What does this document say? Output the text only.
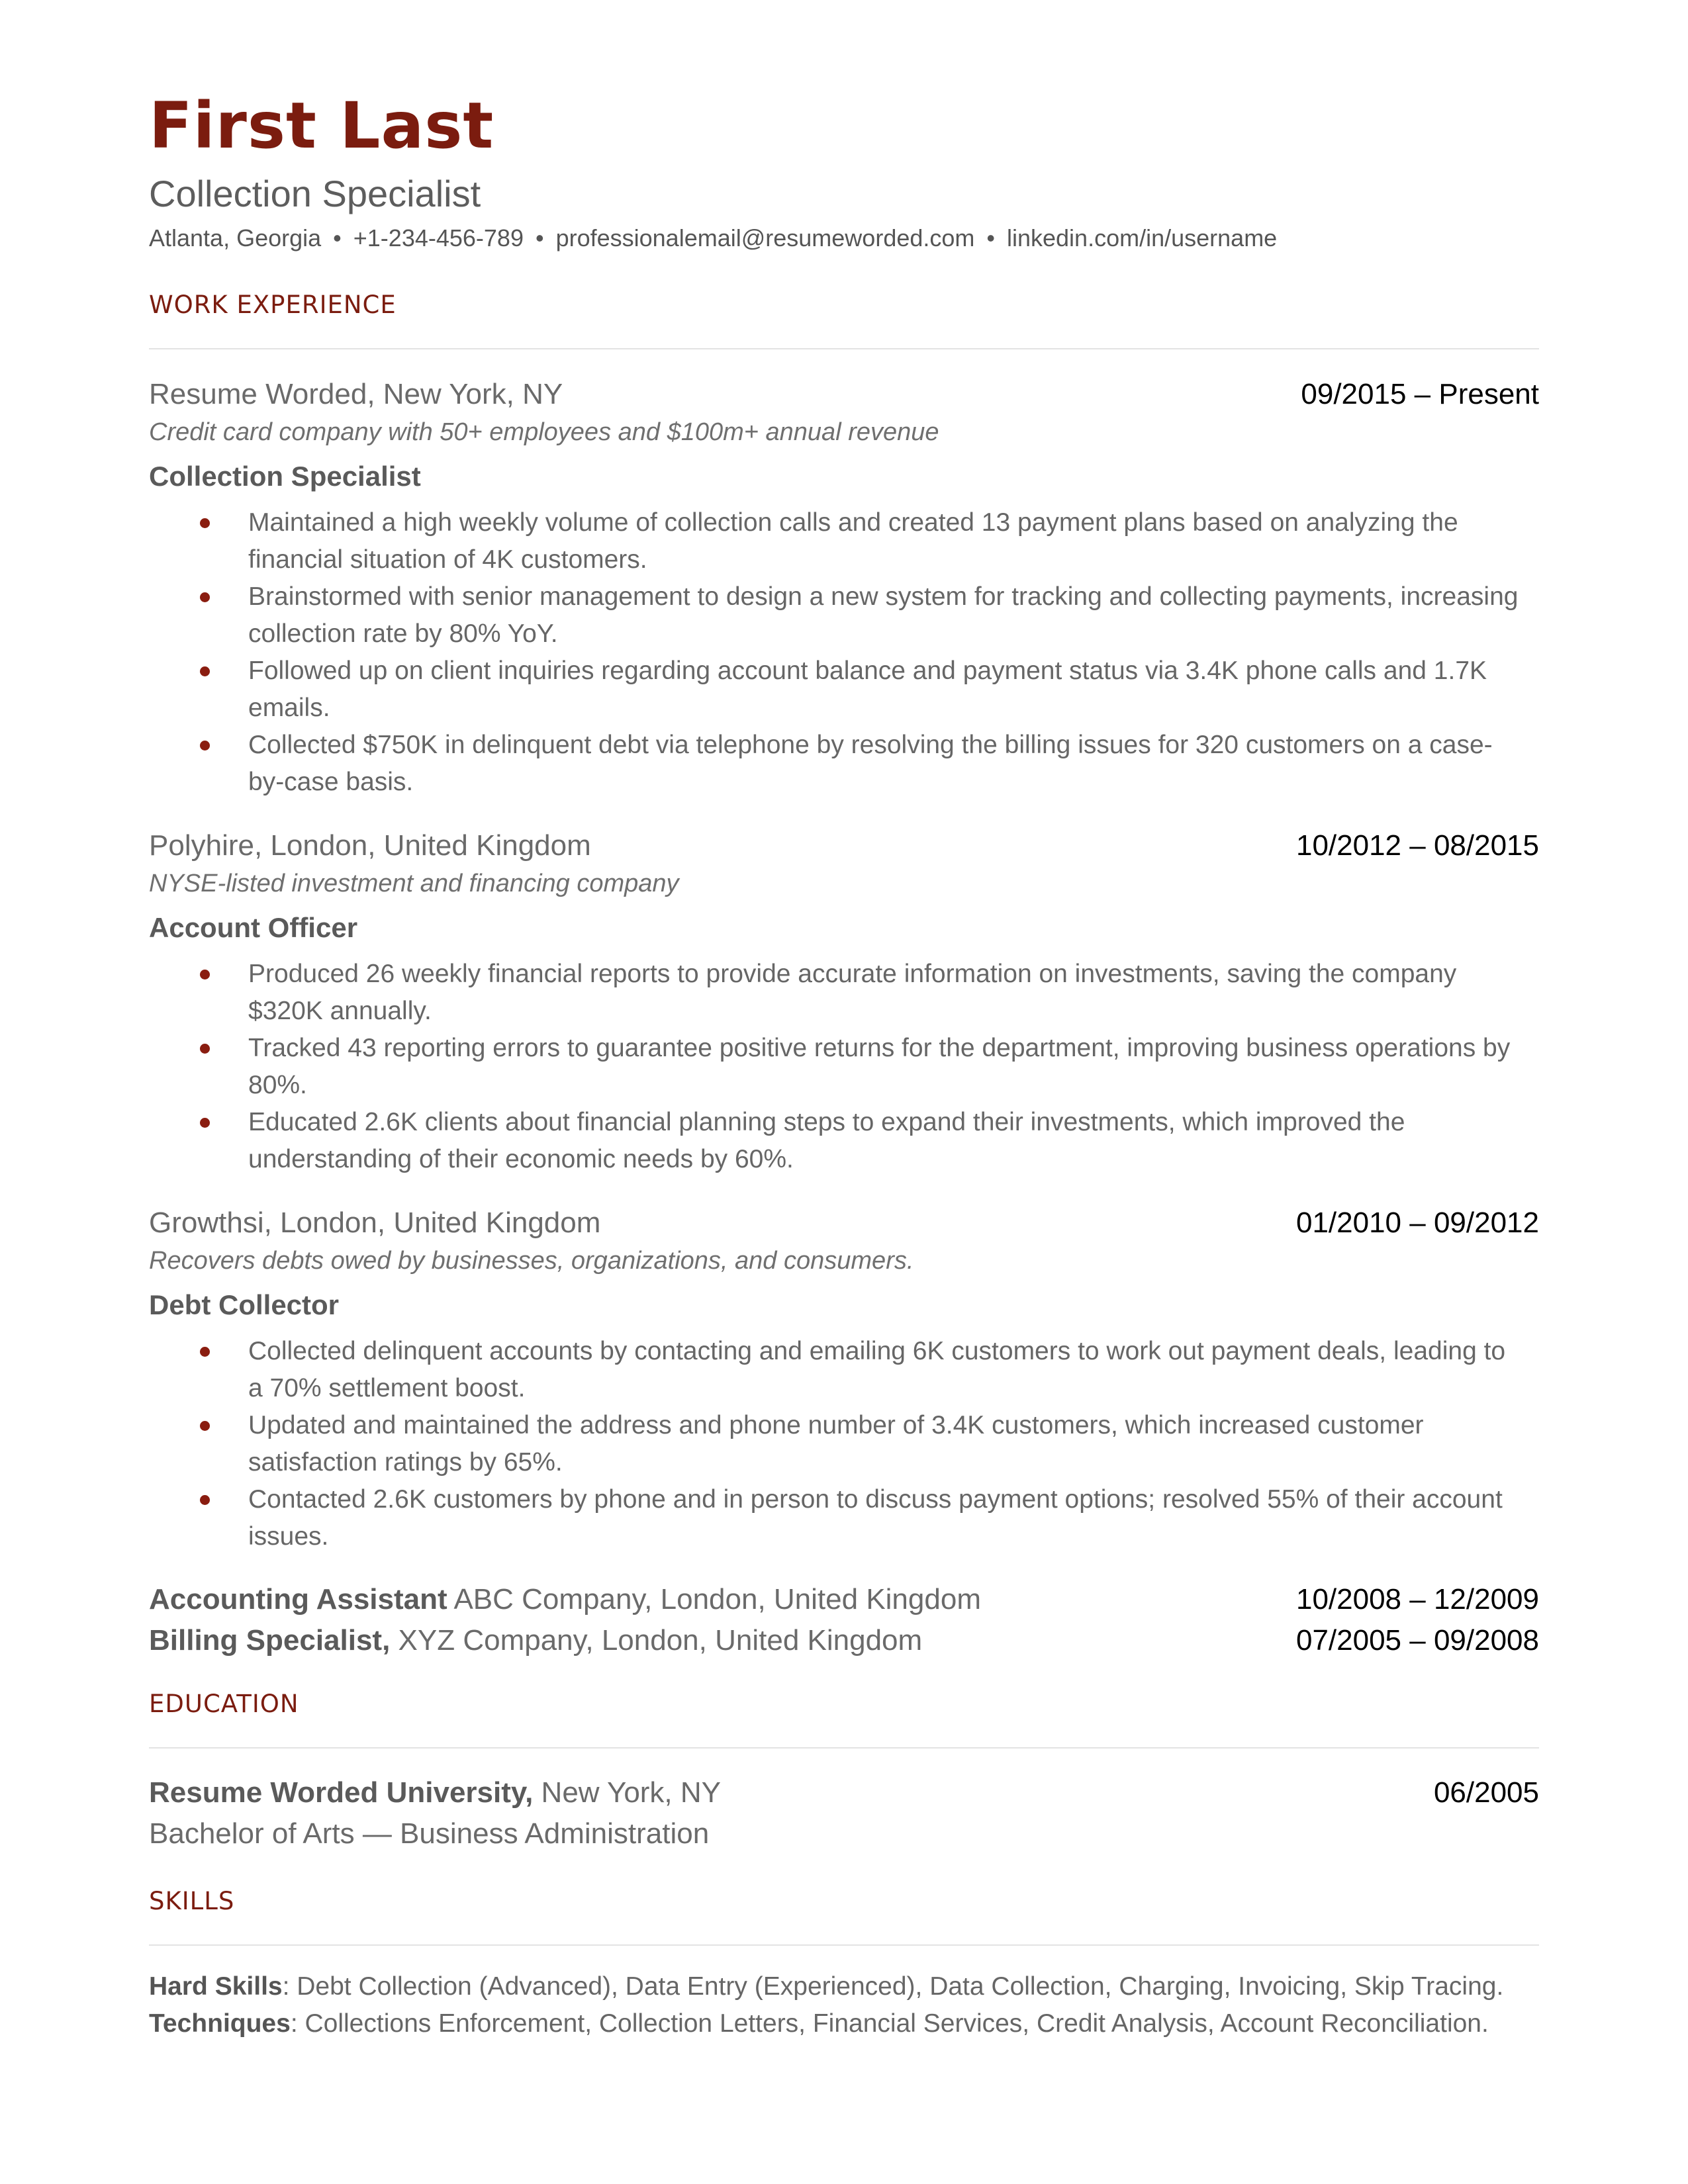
First Last
Collection Specialist
Atlanta, Georgia • +1-234-456-789 • professionalemail@resumeworded.com • linkedin.com/in/username
WORK EXPERIENCE
Resume Worded, New York, NY	09/2015 – Present
Credit card company with 50+ employees and $100m+ annual revenue
Collection Specialist
Maintained a high weekly volume of collection calls and created 13 payment plans based on analyzing the financial situation of 4K customers.
Brainstormed with senior management to design a new system for tracking and collecting payments, increasing collection rate by 80% YoY.
Followed up on client inquiries regarding account balance and payment status via 3.4K phone calls and 1.7K emails.
Collected $750K in delinquent debt via telephone by resolving the billing issues for 320 customers on a case-by-case basis.
Polyhire, London, United Kingdom	10/2012 – 08/2015
NYSE-listed investment and financing company
Account Officer
Produced 26 weekly financial reports to provide accurate information on investments, saving the company $320K annually.
Tracked 43 reporting errors to guarantee positive returns for the department, improving business operations by 80%.
Educated 2.6K clients about financial planning steps to expand their investments, which improved the understanding of their economic needs by 60%.
Growthsi, London, United Kingdom	01/2010 – 09/2012
Recovers debts owed by businesses, organizations, and consumers.
Debt Collector
Collected delinquent accounts by contacting and emailing 6K customers to work out payment deals, leading to a 70% settlement boost.
Updated and maintained the address and phone number of 3.4K customers, which increased customer satisfaction ratings by 65%.
Contacted 2.6K customers by phone and in person to discuss payment options; resolved 55% of their account issues.
Accounting Assistant ABC Company, London, United Kingdom	10/2008 – 12/2009
Billing Specialist, XYZ Company, London, United Kingdom	07/2005 – 09/2008
EDUCATION
Resume Worded University, New York, NY	06/2005
Bachelor of Arts — Business Administration
SKILLS
Hard Skills: Debt Collection (Advanced), Data Entry (Experienced), Data Collection, Charging, Invoicing, Skip Tracing.
Techniques: Collections Enforcement, Collection Letters, Financial Services, Credit Analysis, Account Reconciliation.
